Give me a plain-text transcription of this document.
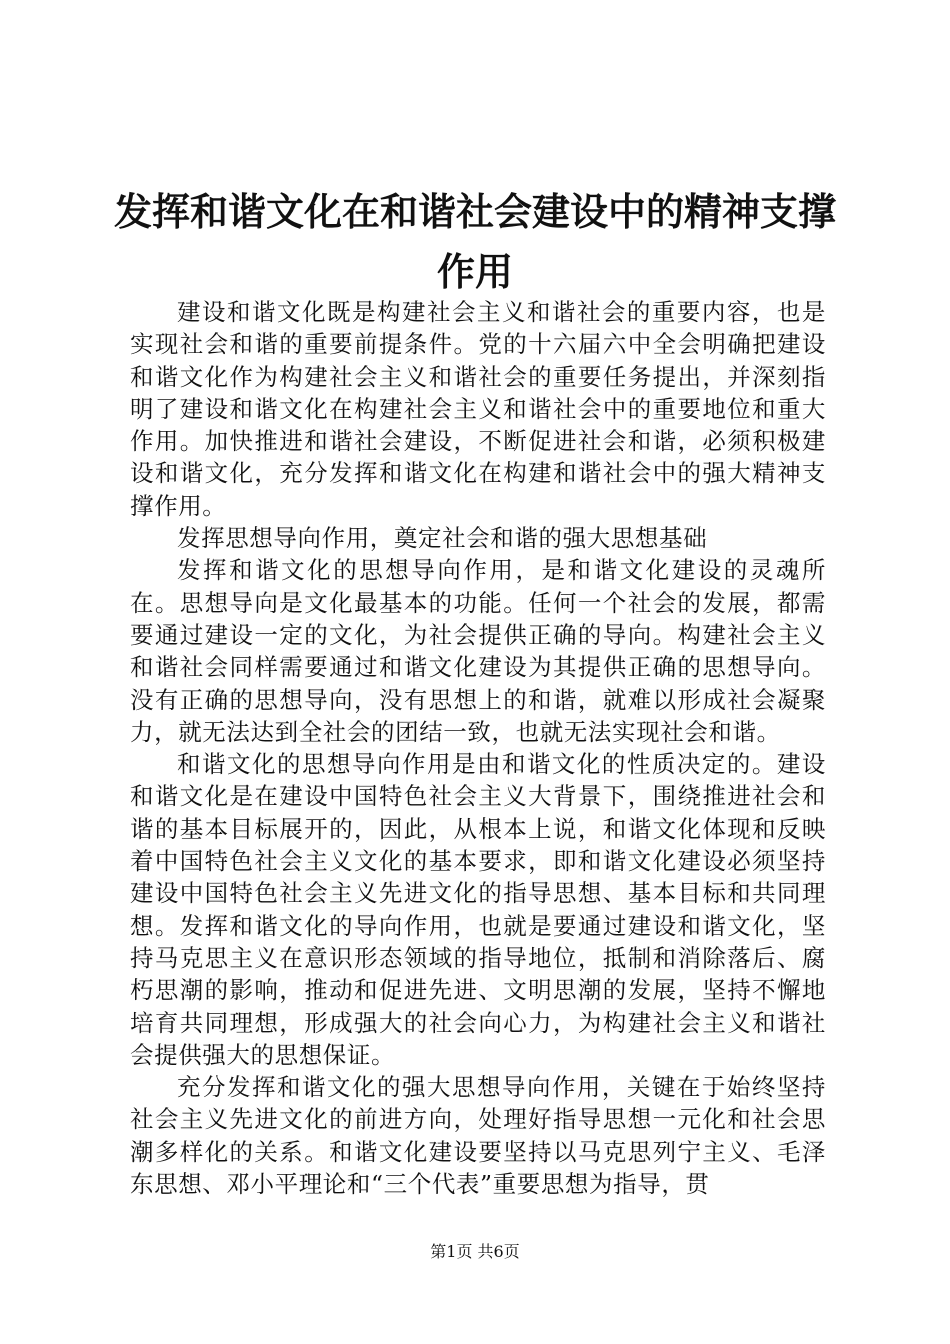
发挥和谐文化在和谐社会建设中的精神支撑作用

建设和谐文化既是构建社会主义和谐社会的重要内容，也是实现社会和谐的重要前提条件。党的十六届六中全会明确把建设和谐文化作为构建社会主义和谐社会的重要任务提出，并深刻指明了建设和谐文化在构建社会主义和谐社会中的重要地位和重大作用。加快推进和谐社会建设，不断促进社会和谐，必须积极建设和谐文化，充分发挥和谐文化在构建和谐社会中的强大精神支撑作用。

发挥思想导向作用，奠定社会和谐的强大思想基础

发挥和谐文化的思想导向作用，是和谐文化建设的灵魂所在。思想导向是文化最基本的功能。任何一个社会的发展，都需要通过建设一定的文化，为社会提供正确的导向。构建社会主义和谐社会同样需要通过和谐文化建设为其提供正确的思想导向。没有正确的思想导向，没有思想上的和谐，就难以形成社会凝聚力，就无法达到全社会的团结一致，也就无法实现社会和谐。

和谐文化的思想导向作用是由和谐文化的性质决定的。建设和谐文化是在建设中国特色社会主义大背景下，围绕推进社会和谐的基本目标展开的，因此，从根本上说，和谐文化体现和反映着中国特色社会主义文化的基本要求，即和谐文化建设必须坚持建设中国特色社会主义先进文化的指导思想、基本目标和共同理想。发挥和谐文化的导向作用，也就是要通过建设和谐文化，坚持马克思主义在意识形态领域的指导地位，抵制和消除落后、腐朽思潮的影响，推动和促进先进、文明思潮的发展，坚持不懈地培育共同理想，形成强大的社会向心力，为构建社会主义和谐社会提供强大的思想保证。

充分发挥和谐文化的强大思想导向作用，关键在于始终坚持社会主义先进文化的前进方向，处理好指导思想一元化和社会思潮多样化的关系。和谐文化建设要坚持以马克思列宁主义、毛泽东思想、邓小平理论和“三个代表”重要思想为指导，贯

第1页 共6页
